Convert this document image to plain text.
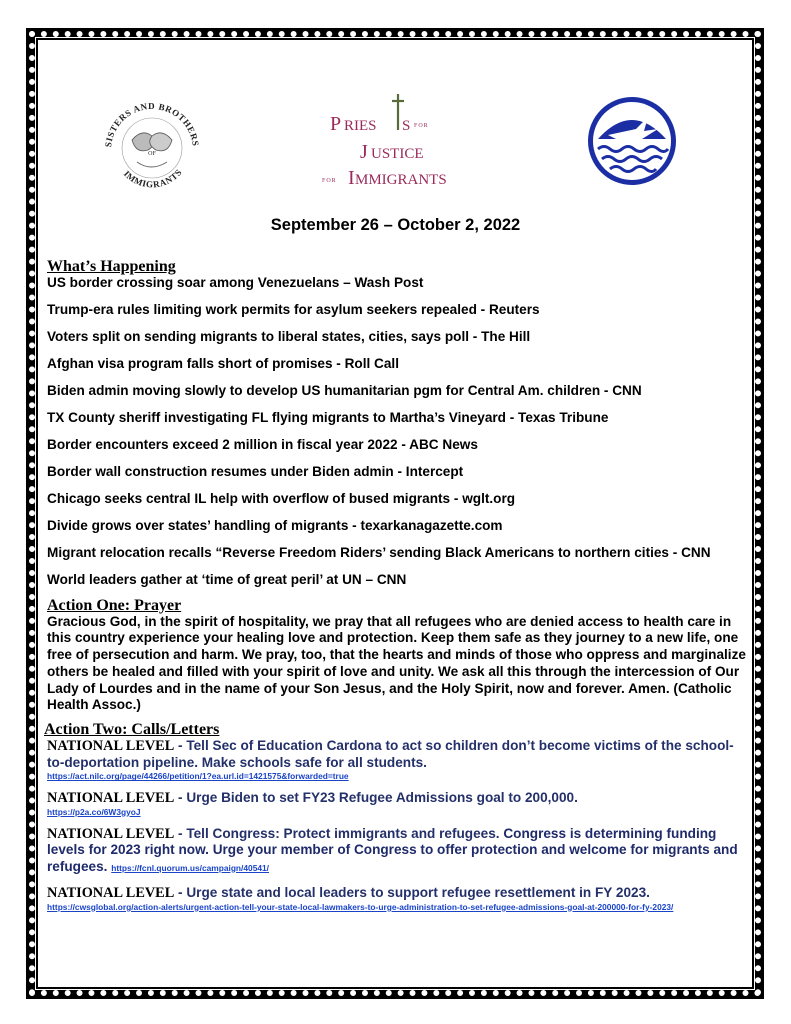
SISTERS AND BROTHERS
OF
IMMIGRANTS
P RIES S FOR
J USTICE
FOR I MMIGRANTS
September 26 – October 2, 2022
What’s Happening
US border crossing soar among Venezuelans – Wash Post
Trump-era rules limiting work permits for asylum seekers repealed - Reuters
Voters split on sending migrants to liberal states, cities, says poll - The Hill
Afghan visa program falls short of promises - Roll Call
Biden admin moving slowly to develop US humanitarian pgm for Central Am. children - CNN
TX County sheriff investigating FL flying migrants to Martha’s Vineyard - Texas Tribune
Border encounters exceed 2 million in fiscal year 2022 - ABC News
Border wall construction resumes under Biden admin - Intercept
Chicago seeks central IL help with overflow of bused migrants - wglt.org
Divide grows over states’ handling of migrants - texarkanagazette.com
Migrant relocation recalls “Reverse Freedom Riders’ sending Black Americans to northern cities - CNN
World leaders gather at ‘time of great peril’ at UN – CNN
Action One: Prayer
Gracious God, in the spirit of hospitality, we pray that all refugees who are denied access to health care in this country experience your healing love and protection. Keep them safe as they journey to a new life, one free of persecution and harm. We pray, too, that the hearts and minds of those who oppress and marginalize others be healed and filled with your spirit of love and unity. We ask all this through the intercession of Our Lady of Lourdes and in the name of your Son Jesus, and the Holy Spirit, now and forever. Amen. (Catholic Health Assoc.)
Action Two: Calls/Letters
NATIONAL LEVEL - Tell Sec of Education Cardona to act so children don’t become victims of the school-to-deportation pipeline. Make schools safe for all students.
https://act.nilc.org/page/44266/petition/1?ea.url.id=1421575&forwarded=true
NATIONAL LEVEL - Urge Biden to set FY23 Refugee Admissions goal to 200,000.
https://p2a.co/6W3gyoJ
NATIONAL LEVEL - Tell Congress: Protect immigrants and refugees. Congress is determining funding levels for 2023 right now. Urge your member of Congress to offer protection and welcome for migrants and refugees. https://fcnl.quorum.us/campaign/40541/
NATIONAL LEVEL - Urge state and local leaders to support refugee resettlement in FY 2023.
https://cwsglobal.org/action-alerts/urgent-action-tell-your-state-local-lawmakers-to-urge-administration-to-set-refugee-admissions-goal-at-200000-for-fy-2023/
